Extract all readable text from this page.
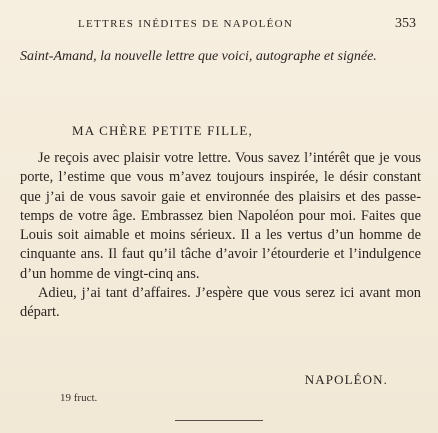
LETTRES INÉDITES DE NAPOLÉON	353
Saint-Amand, la nouvelle lettre que voici, autographe et signée.
MA CHÈRE PETITE FILLE,

Je reçois avec plaisir votre lettre. Vous savez l’intérêt que je vous porte, l’estime que vous m’avez toujours inspirée, le désir constant que j’ai de vous savoir gaie et environnée des plaisirs et des passe-temps de votre âge. Embrassez bien Napoléon pour moi. Faites que Louis soit aimable et moins sérieux. Il a les vertus d’un homme de cinquante ans. Il faut qu’il tâche d’avoir l’étourderie et l’indulgence d’un homme de vingt-cinq ans.

Adieu, j’ai tant d’affaires. J’espère que vous serez ici avant mon départ.

NAPOLÉON.
19 fruct.
